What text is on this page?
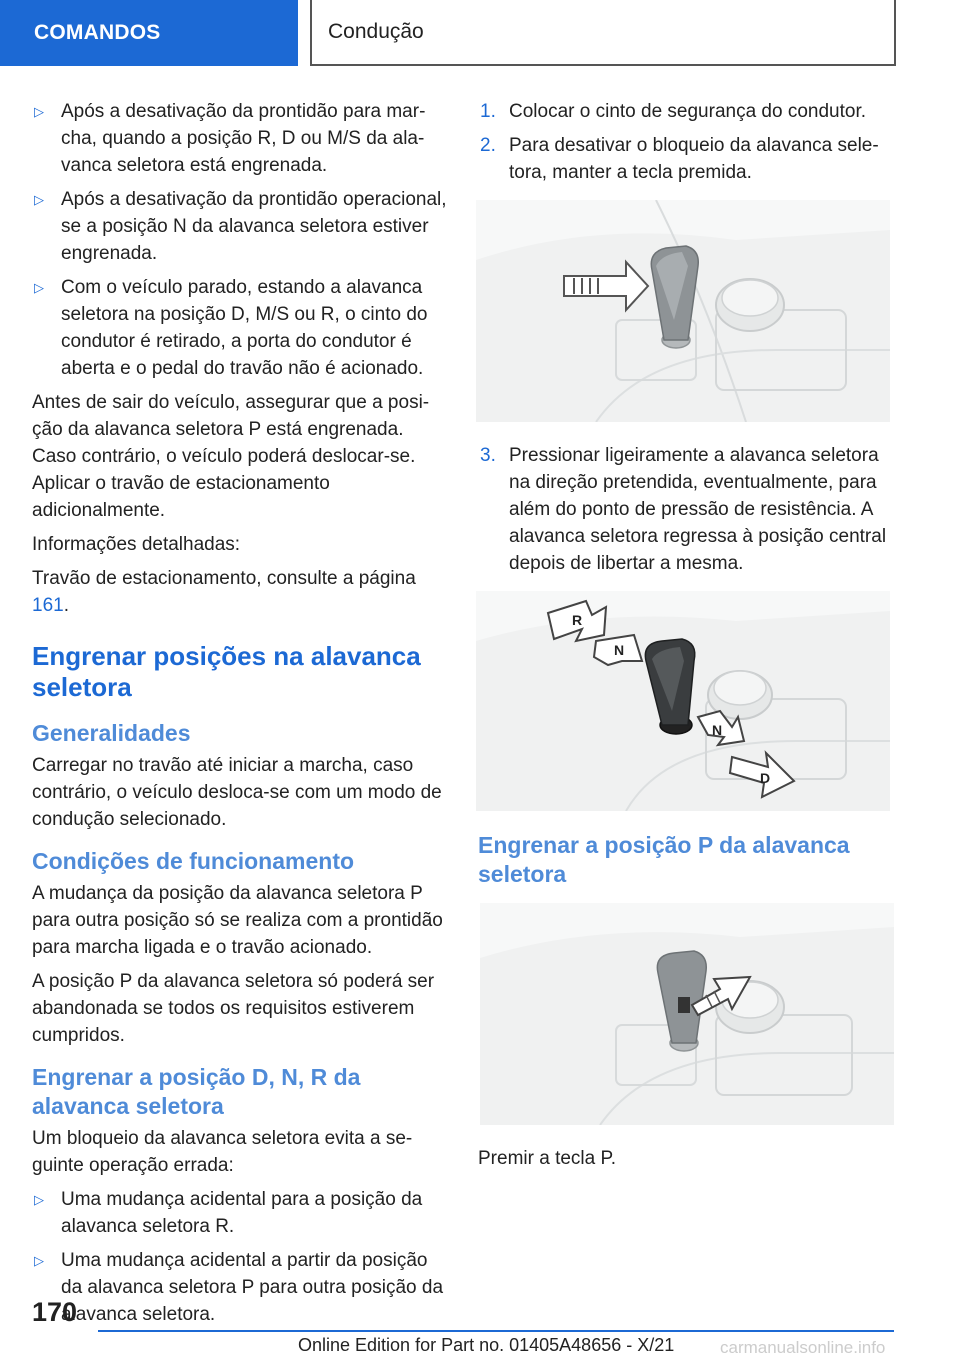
COMANDOS	Condução
▷ Após a desativação da prontidão para marcha, quando a posição R, D ou M/S da alavanca seletora está engrenada.
▷ Após a desativação da prontidão operacional, se a posição N da alavanca seletora estiver engrenada.
▷ Com o veículo parado, estando a alavanca seletora na posição D, M/S ou R, o cinto do condutor é retirado, a porta do condutor é aberta e o pedal do travão não é acionado.

Antes de sair do veículo, assegurar que a posição da alavanca seletora P está engrenada. Caso contrário, o veículo poderá deslocar-se. Aplicar o travão de estacionamento adicionalmente.

Informações detalhadas:

Travão de estacionamento, consulte a página 161.

Engrenar posições na alavanca seletora
Generalidades

Carregar no travão até iniciar a marcha, caso contrário, o veículo desloca-se com um modo de condução selecionado.

Condições de funcionamento

A mudança da posição da alavanca seletora P para outra posição só se realiza com a prontidão para marcha ligada e o travão acionado.

A posição P da alavanca seletora só poderá ser abandonada se todos os requisitos estiverem cumpridos.

Engrenar a posição D, N, R da alavanca seletora

Um bloqueio da alavanca seletora evita a seguinte operação errada:

▷ Uma mudança acidental para a posição da alavanca seletora R.
▷ Uma mudança acidental a partir da posição da alavanca seletora P para outra posição da alavanca seletora.
1. Colocar o cinto de segurança do condutor.
2. Para desativar o bloqueio da alavanca seletora, manter a tecla premida.
3. Pressionar ligeiramente a alavanca seletora na direção pretendida, eventualmente, para além do ponto de pressão de resistência. A alavanca seletora regressa à posição central depois de libertar a mesma.
R
N
N
D
Engrenar a posição P da alavanca seletora

Premir a tecla P.

170
Online Edition for Part no. 01405A48656 - X/21	carmanualsonline.info
